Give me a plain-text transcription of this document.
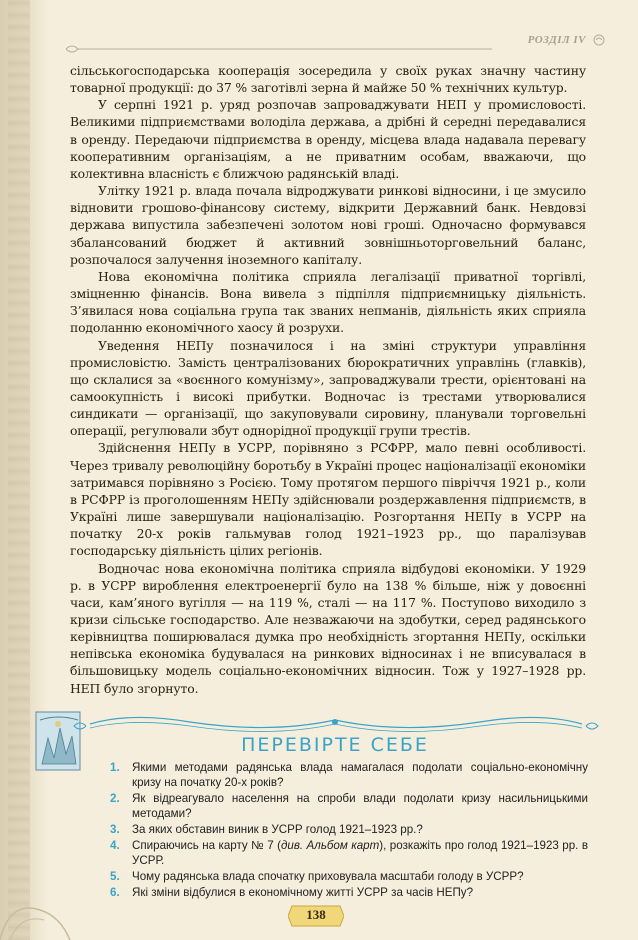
РОЗДІЛ IV

сільськогосподарська кооперація зосередила у своїх руках значну частину товарної продукції: до 37 % заготівлі зерна й майже 50 % технічних культур.

У серпні 1921 р. уряд розпочав запроваджувати НЕП у промисловості. Великими підприємствами володіла держава, а дрібні й середні передавалися в оренду. Передаючи підприємства в оренду, місцева влада надавала перевагу кооперативним організаціям, а не приватним особам, вважаючи, що колективна власність є ближчою радянській владі.

Улітку 1921 р. влада почала відроджувати ринкові відносини, і це змусило відновити грошово-фінансову систему, відкрити Державний банк. Невдовзі держава випустила забезпечені золотом нові гроші. Одночасно формувався збалансований бюджет й активний зовнішньоторговельний баланс, розпочалося залучення іноземного капіталу.

Нова економічна політика сприяла легалізації приватної торгівлі, зміцненню фінансів. Вона вивела з підпілля підприємницьку діяльність. З’явилася нова соціальна група так званих непманів, діяльність яких сприяла подоланню економічного хаосу й розрухи.

Уведення НЕПу позначилося і на зміні структури управління промисловістю. Замість централізованих бюрократичних управлінь (главків), що склалися за «воєнного комунізму», запроваджували трести, орієнтовані на самоокупність і високі прибутки. Водночас із трестами утворювалися синдикати — організації, що закуповували сировину, планували торговельні операції, регулювали збут однорідної продукції групи трестів.

Здійснення НЕПу в УСРР, порівняно з РСФРР, мало певні особливості. Через тривалу революційну боротьбу в Україні процес націоналізації економіки затримався порівняно з Росією. Тому протягом першого півріччя 1921 р., коли в РСФРР із проголошенням НЕПу здійснювали роздержавлення підприємств, в Україні лише завершували націоналізацію. Розгортання НЕПу в УСРР на початку 20-х років гальмував голод 1921–1923 рр., що паралізував господарську діяльність цілих регіонів.

Водночас нова економічна політика сприяла відбудові економіки. У 1929 р. в УСРР вироблення електроенергії було на 138 % більше, ніж у довоєнні часи, кам’яного вугілля — на 119 %, сталі — на 117 %. Поступово виходило з кризи сільське господарство. Але незважаючи на здобутки, серед радянського керівництва поширювалася думка про необхідність згортання НЕПу, оскільки непівська економіка будувалася на ринкових відносинах і не вписувалася в більшовицьку модель соціально-економічних відносин. Тож у 1927–1928 рр. НЕП було згорнуто.

ПЕРЕВІРТЕ СЕБЕ
1. Якими методами радянська влада намагалася подолати соціально-економічну кризу на початку 20-х років?
2. Як відреагувало населення на спроби влади подолати кризу насильницькими методами?
3. За яких обставин виник в УСРР голод 1921–1923 рр.?
4. Спираючись на карту № 7 (див. Альбом карт), розкажіть про голод 1921–1923 рр. в УСРР.
5. Чому радянська влада спочатку приховувала масштаби голоду в УСРР?
6. Які зміни відбулися в економічному житті УСРР за часів НЕПу?
138
